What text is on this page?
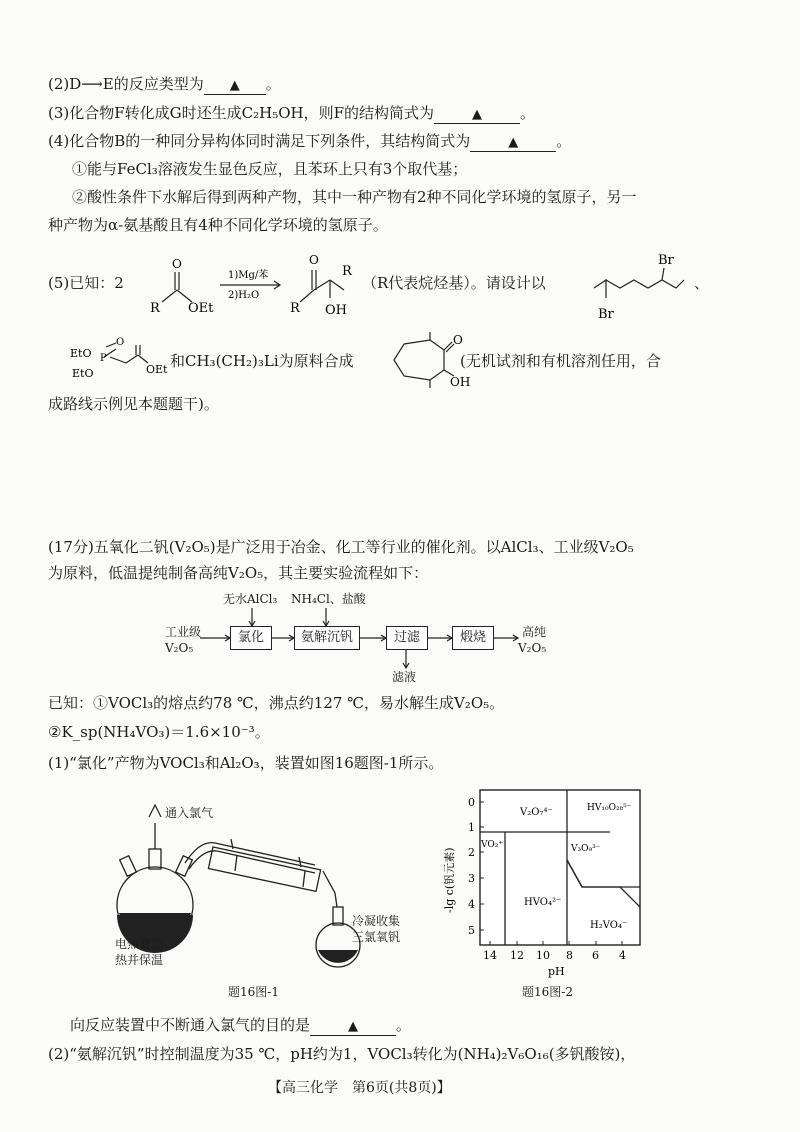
(2)D⟶E的反应类型为 ▲ 。
(3)化合物F转化成G时还生成C₂H₅OH，则F的结构简式为	▲	。
(4)化合物B的一种同分异构体同时满足下列条件，其结构简式为	▲	。
①能与FeCl₃溶液发生显色反应，且苯环上只有3个取代基；
②酸性条件下水解后得到两种产物，其中一种产物有2种不同化学环境的氢原子，另一
种产物为α-氨基酸且有4种不同化学环境的氢原子。
(5)已知：2
O
R OEt
1)Mg/苯
2)H₂O
O
R
R
OH
（R代表烷烃基）。请设计以
Br
Br
、
EtO
EtO
P
O
OEt 和CH₃(CH₂)₃Li为原料合成
O
OH
(无机试剂和有机溶剂任用，合
成路线示例见本题题干)。
(17分)五氧化二钒(V₂O₅)是广泛用于冶金、化工等行业的催化剂。以AlCl₃、工业级V₂O₅
为原料，低温提纯制备高纯V₂O₅，其主要实验流程如下：
无水AlCl₃ NH₄Cl、盐酸
工业级
V₂O₅
氯化	氨解沉钒	过滤	煅烧	高纯
V₂O₅
滤液
已知：①VOCl₃的熔点约78 ℃，沸点约127 ℃，易水解生成V₂O₅。
②K_sp(NH₄VO₃)＝1.6×10⁻³。
(1)“氯化”产物为VOCl₃和Al₂O₃，装置如图16题图-1所示。
通入氯气
电热套加
热并保温
冷凝收集
三氯氧钒
题16图-1
0
1
2
3
4
5
14 12 10 8 6 4
pH
-lg c(钒元素)
V₂O₇⁴⁻	HV₁₀O₂₈⁵⁻
VO₂⁺	V₃O₉³⁻
HVO₄²⁻
H₂VO₄⁻
题16图-2
向反应装置中不断通入氯气的目的是	▲	。
(2)“氨解沉钒”时控制温度为35 ℃，pH约为1，VOCl₃转化为(NH₄)₂V₆O₁₆(多钒酸铵)，
【高三化学　第6页(共8页)】
